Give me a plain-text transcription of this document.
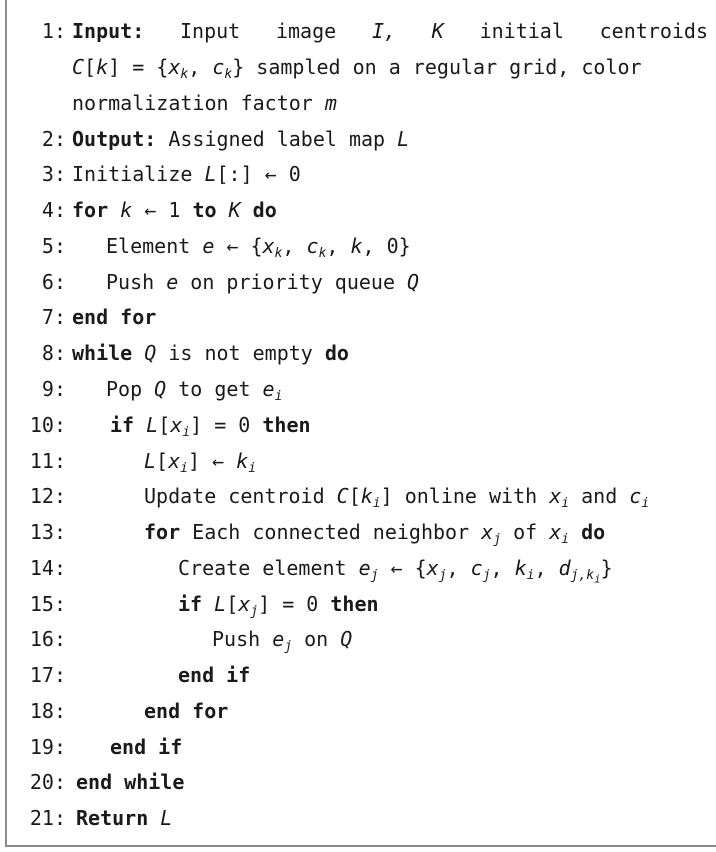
1: Input: Input image I, K initial centroids
$C[k] = \{x_k$, $c_k$} sampled on a regular grid, color
normalization factor m
2: Output: Assigned label map L
3: Initialize L[:] ← 0
4: for k ← 1 to K do
5: Element e ← {$x_k$, $c_k$, k, 0}
6: Push e on priority queue Q
7: end for
8: while Q is not empty do
9: Pop Q to get $e_i$
10: if $L[x_i] = 0$ then
11:	$L[x_i]$ ← $k_i$
12:	Update centroid $C[k_i]$ online with $x_i$ and $c_i$
13:	for Each connected neighbor $x_j$ of $x_i$ do
14:	Create element $e_j$ ← {$x_j$, $c_j$, $k_i$, $d_{j,k_i}$}
15:	if $L[x_j] = 0$ then
16:	Push $e_j$ on Q
17:	end if
18:	end for
19: end if
20: end while
21: Return L
